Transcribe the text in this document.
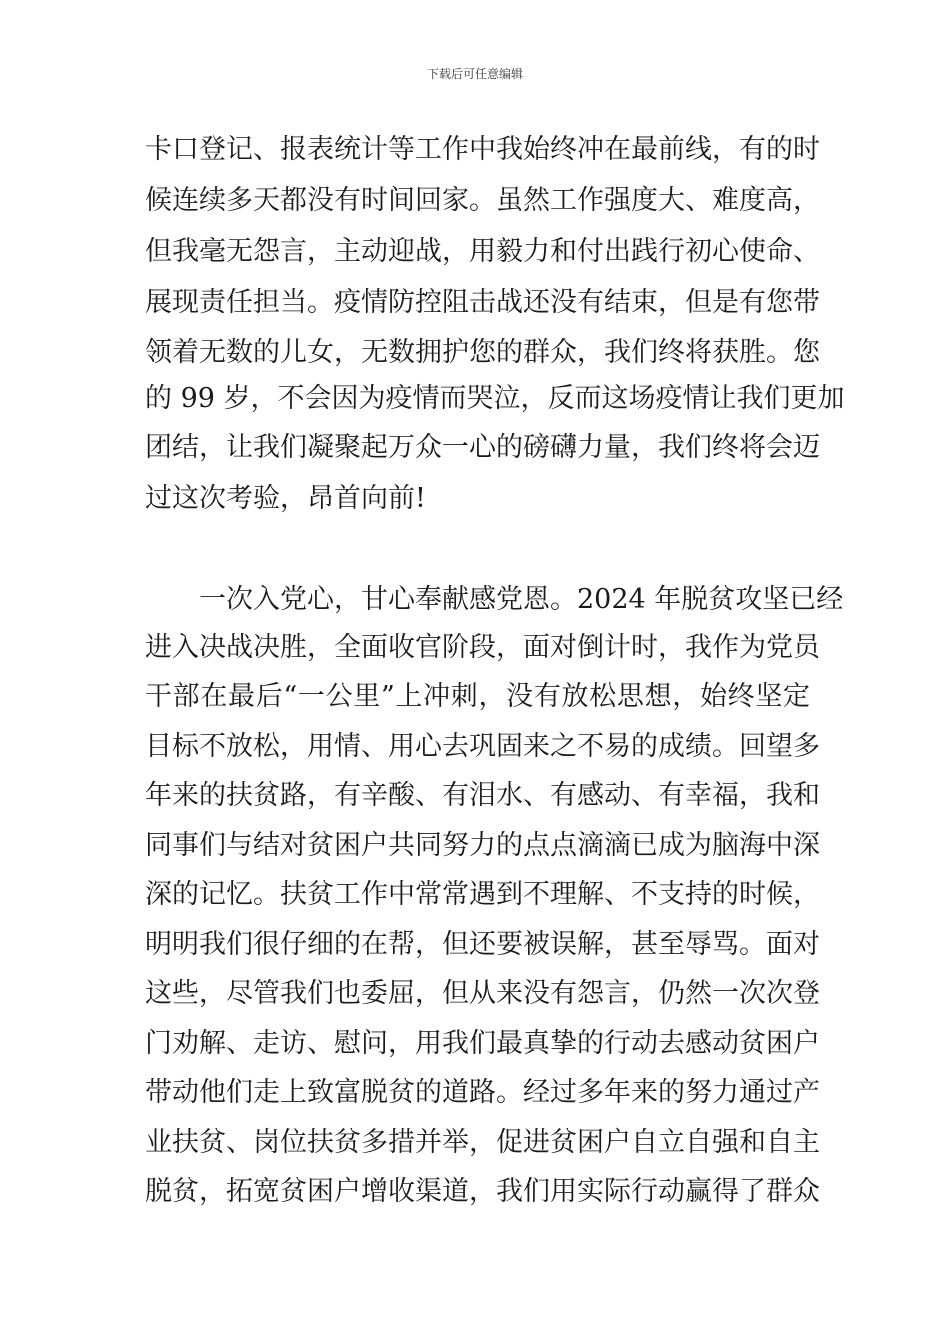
下载后可任意编辑
卡口登记、报表统计等工作中我始终冲在最前线，有的时
候连续多天都没有时间回家。虽然工作强度大、难度高，
但我毫无怨言，主动迎战，用毅力和付出践行初心使命、
展现责任担当。疫情防控阻击战还没有结束，但是有您带
领着无数的儿女，无数拥护您的群众，我们终将获胜。您
的 99 岁，不会因为疫情而哭泣，反而这场疫情让我们更加
团结，让我们凝聚起万众一心的磅礴力量，我们终将会迈
过这次考验，昂首向前!
　　一次入党心，甘心奉献感党恩。2024 年脱贫攻坚已经
进入决战决胜，全面收官阶段，面对倒计时，我作为党员
干部在最后“一公里”上冲刺，没有放松思想，始终坚定
目标不放松，用情、用心去巩固来之不易的成绩。回望多
年来的扶贫路，有辛酸、有泪水、有感动、有幸福，我和
同事们与结对贫困户共同努力的点点滴滴已成为脑海中深
深的记忆。扶贫工作中常常遇到不理解、不支持的时候，
明明我们很仔细的在帮，但还要被误解，甚至辱骂。面对
这些，尽管我们也委屈，但从来没有怨言，仍然一次次登
门劝解、走访、慰问，用我们最真挚的行动去感动贫困户
带动他们走上致富脱贫的道路。经过多年来的努力通过产
业扶贫、岗位扶贫多措并举，促进贫困户自立自强和自主
脱贫，拓宽贫困户增收渠道，我们用实际行动赢得了群众
